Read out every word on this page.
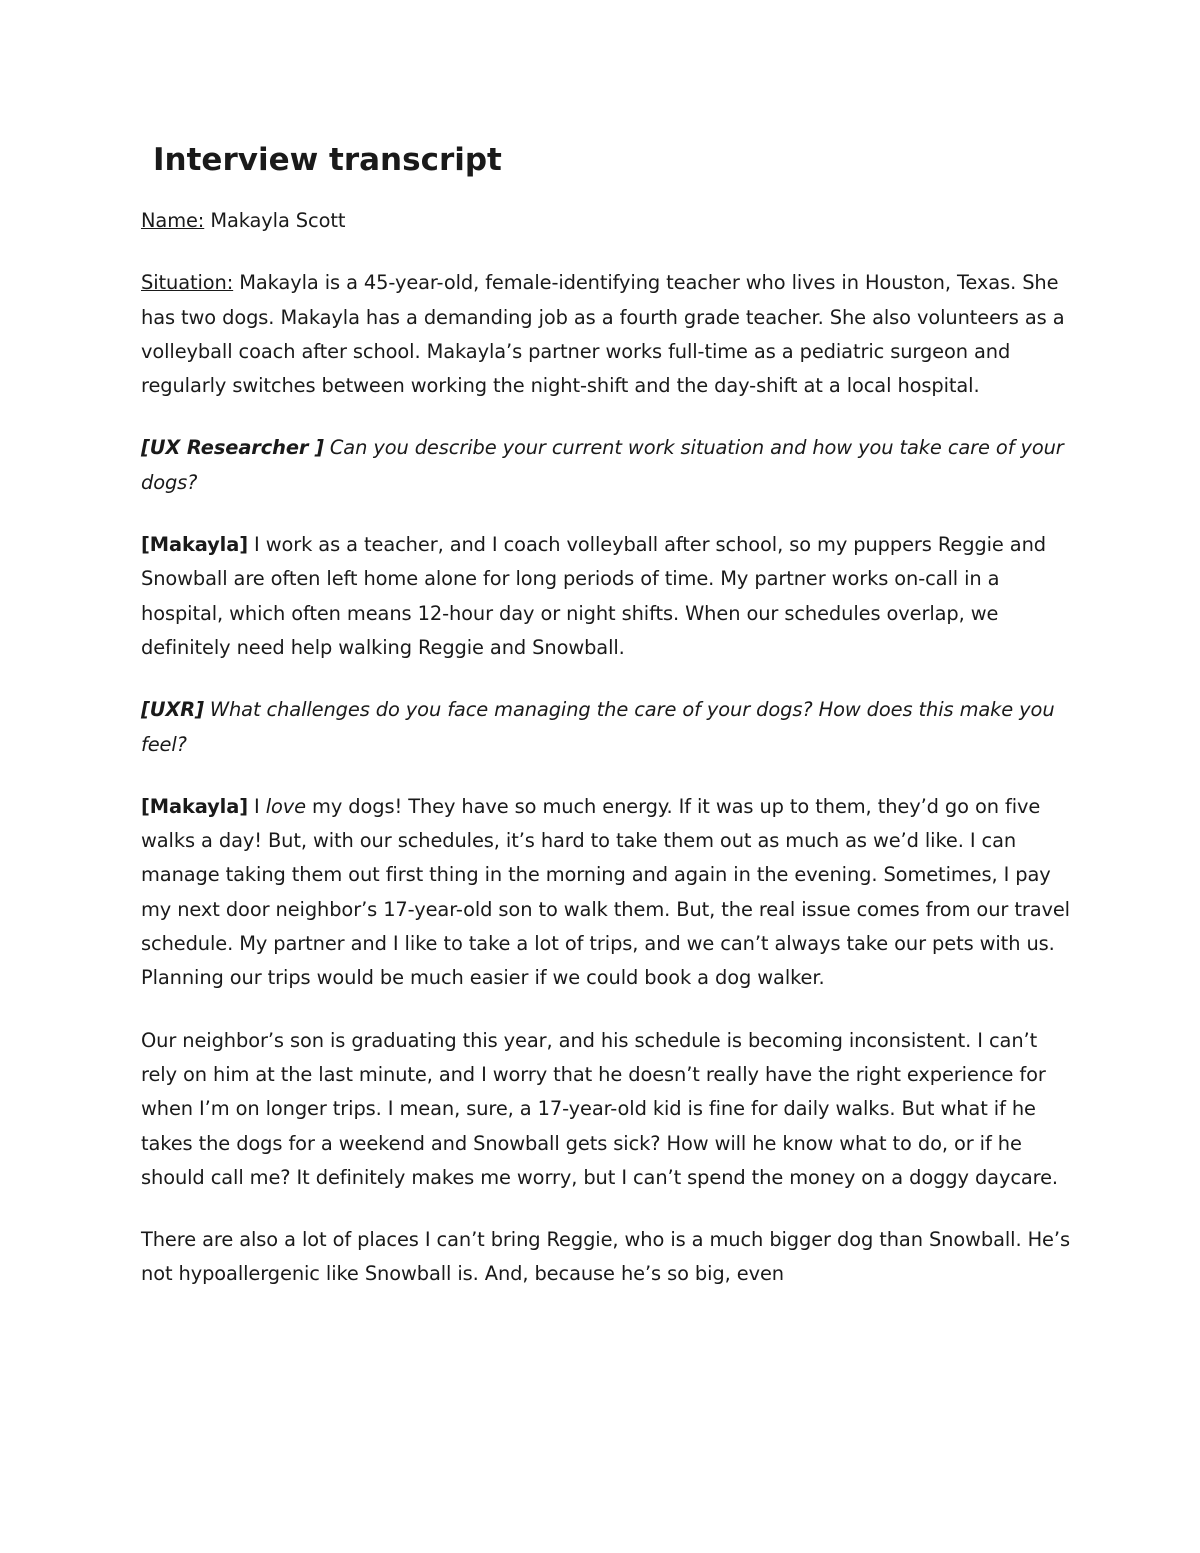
Interview transcript

Name: Makayla Scott

Situation: Makayla is a 45-year-old, female-identifying teacher who lives in Houston, Texas. She has two dogs. Makayla has a demanding job as a fourth grade teacher. She also volunteers as a volleyball coach after school. Makayla’s partner works full-time as a pediatric surgeon and regularly switches between working the night-shift and the day-shift at a local hospital.

[UX Researcher ] Can you describe your current work situation and how you take care of your dogs?

[Makayla] I work as a teacher, and I coach volleyball after school, so my puppers Reggie and Snowball are often left home alone for long periods of time. My partner works on-call in a hospital, which often means 12-hour day or night shifts. When our schedules overlap, we definitely need help walking Reggie and Snowball.

[UXR] What challenges do you face managing the care of your dogs? How does this make you feel?

[Makayla] I love my dogs! They have so much energy. If it was up to them, they’d go on five walks a day! But, with our schedules, it’s hard to take them out as much as we’d like. I can manage taking them out first thing in the morning and again in the evening. Sometimes, I pay my next door neighbor’s 17-year-old son to walk them. But, the real issue comes from our travel schedule. My partner and I like to take a lot of trips, and we can’t always take our pets with us. Planning our trips would be much easier if we could book a dog walker.

Our neighbor’s son is graduating this year, and his schedule is becoming inconsistent. I can’t rely on him at the last minute, and I worry that he doesn’t really have the right experience for when I’m on longer trips. I mean, sure, a 17-year-old kid is fine for daily walks. But what if he takes the dogs for a weekend and Snowball gets sick? How will he know what to do, or if he should call me? It definitely makes me worry, but I can’t spend the money on a doggy daycare.

There are also a lot of places I can’t bring Reggie, who is a much bigger dog than Snowball. He’s not hypoallergenic like Snowball is. And, because he’s so big, even
